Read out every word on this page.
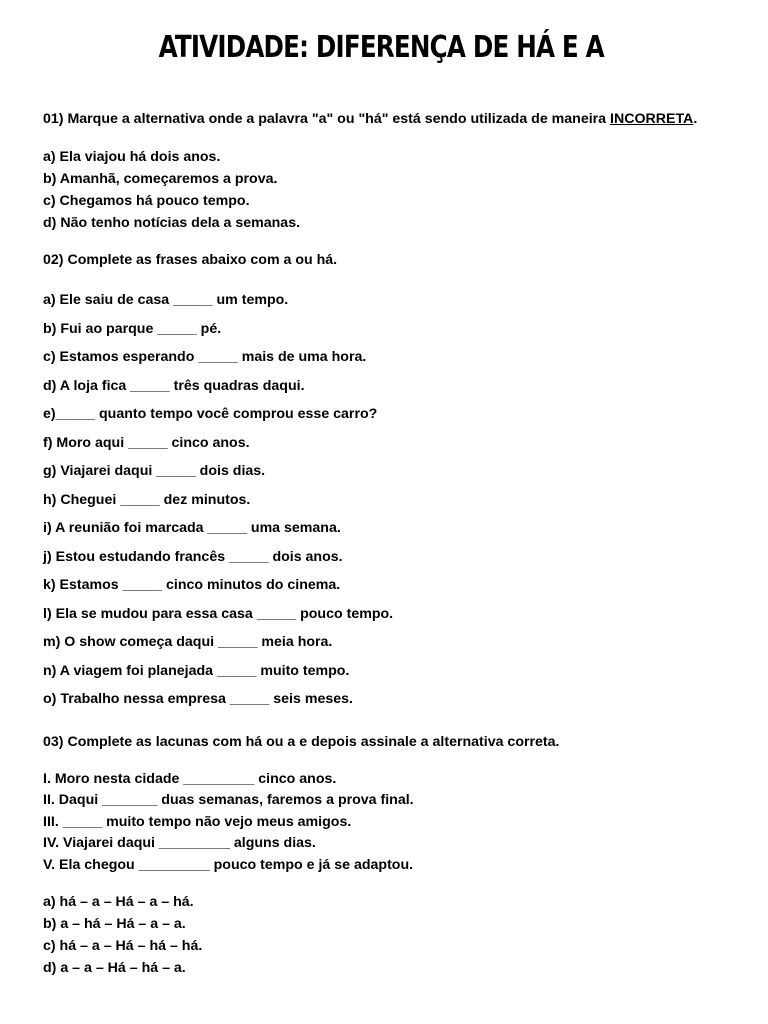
ATIVIDADE: DIFERENÇA DE HÁ E A

01) Marque a alternativa onde a palavra "a" ou "há" está sendo utilizada de maneira INCORRETA.

a) Ela viajou há dois anos.
b) Amanhã, começaremos a prova.
c) Chegamos há pouco tempo.
d) Não tenho notícias dela a semanas.

02) Complete as frases abaixo com a ou há.

a) Ele saiu de casa _____ um tempo.
b) Fui ao parque _____ pé.
c) Estamos esperando _____ mais de uma hora.
d) A loja fica _____ três quadras daqui.
e)_____ quanto tempo você comprou esse carro?
f) Moro aqui _____ cinco anos.
g) Viajarei daqui _____ dois dias.
h) Cheguei _____ dez minutos.
i) A reunião foi marcada _____ uma semana.
j) Estou estudando francês _____ dois anos.
k) Estamos _____ cinco minutos do cinema.
l) Ela se mudou para essa casa _____ pouco tempo.
m) O show começa daqui _____ meia hora.
n) A viagem foi planejada _____ muito tempo.
o) Trabalho nessa empresa _____ seis meses.

03) Complete as lacunas com há ou a e depois assinale a alternativa correta.

I. Moro nesta cidade _________ cinco anos.
II. Daqui _______ duas semanas, faremos a prova final.
III. _____ muito tempo não vejo meus amigos.
IV. Viajarei daqui _________ alguns dias.
V. Ela chegou _________ pouco tempo e já se adaptou.
a) há – a – Há – a – há.
b) a – há – Há – a – a.
c) há – a – Há – há – há.
d) a – a – Há – há – a.
